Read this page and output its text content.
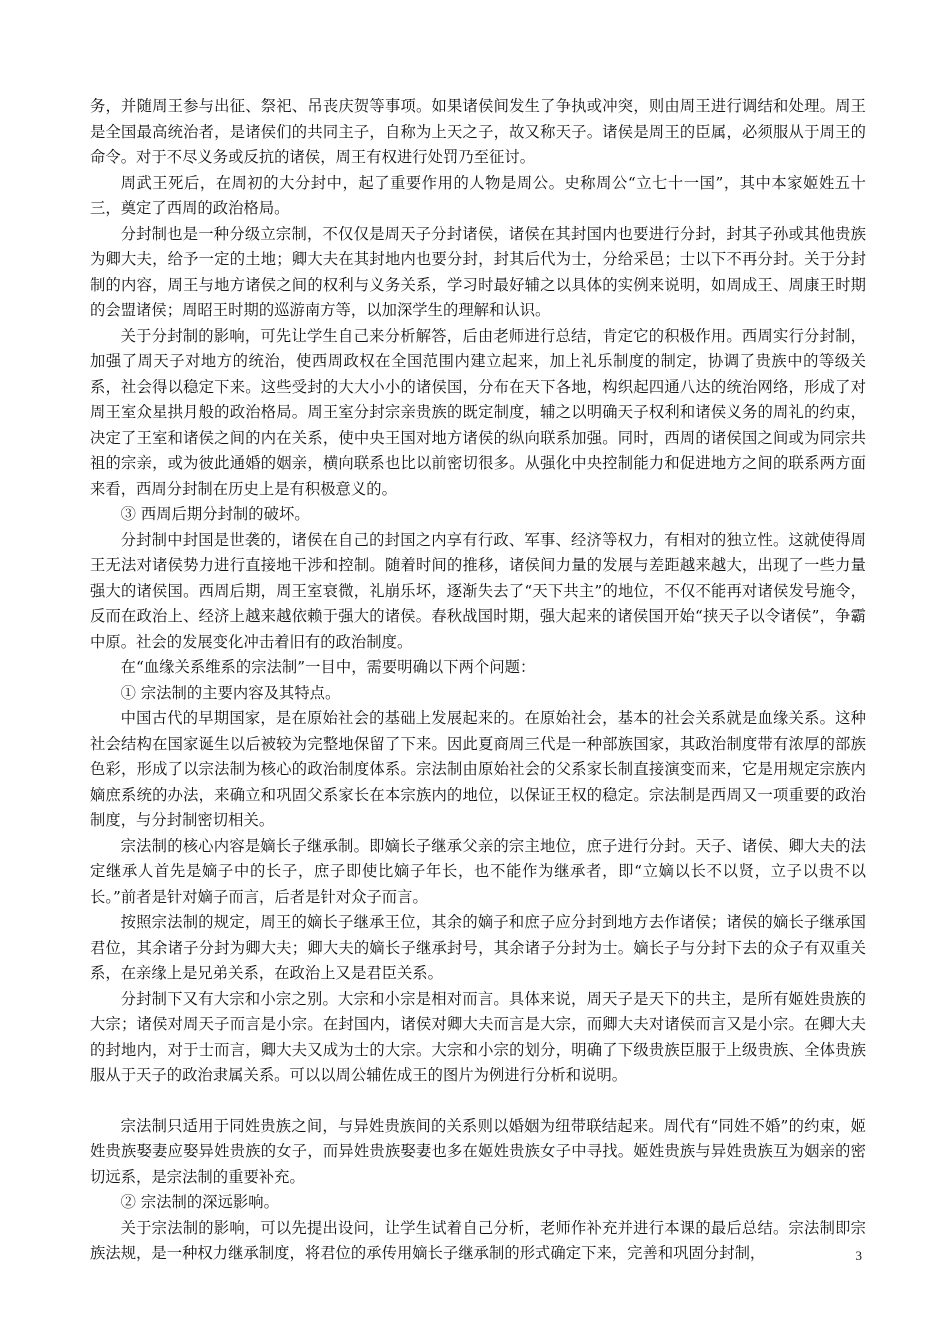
务，并随周王参与出征、祭祀、吊丧庆贺等事项。如果诸侯间发生了争执或冲突，则由周王进行调结和处理。周王是全国最高统治者，是诸侯们的共同主子，自称为上天之子，故又称天子。诸侯是周王的臣属，必须服从于周王的命令。对于不尽义务或反抗的诸侯，周王有权进行处罚乃至征讨。

周武王死后，在周初的大分封中，起了重要作用的人物是周公。史称周公“立七十一国”，其中本家姬姓五十三，奠定了西周的政治格局。

分封制也是一种分级立宗制，不仅仅是周天子分封诸侯，诸侯在其封国内也要进行分封，封其子孙或其他贵族为卿大夫，给予一定的土地；卿大夫在其封地内也要分封，封其后代为士，分给采邑；士以下不再分封。关于分封制的内容，周王与地方诸侯之间的权利与义务关系，学习时最好辅之以具体的实例来说明，如周成王、周康王时期的会盟诸侯；周昭王时期的巡游南方等，以加深学生的理解和认识。

关于分封制的影响，可先让学生自己来分析解答，后由老师进行总结，肯定它的积极作用。西周实行分封制，加强了周天子对地方的统治，使西周政权在全国范围内建立起来，加上礼乐制度的制定，协调了贵族中的等级关系，社会得以稳定下来。这些受封的大大小小的诸侯国，分布在天下各地，构织起四通八达的统治网络，形成了对周王室众星拱月般的政治格局。周王室分封宗亲贵族的既定制度，辅之以明确天子权利和诸侯义务的周礼的约束，决定了王室和诸侯之间的内在关系，使中央王国对地方诸侯的纵向联系加强。同时，西周的诸侯国之间或为同宗共祖的宗亲，或为彼此通婚的姻亲，横向联系也比以前密切很多。从强化中央控制能力和促进地方之间的联系两方面来看，西周分封制在历史上是有积极意义的。

③ 西周后期分封制的破坏。

分封制中封国是世袭的，诸侯在自己的封国之内享有行政、军事、经济等权力，有相对的独立性。这就使得周王无法对诸侯势力进行直接地干涉和控制。随着时间的推移，诸侯间力量的发展与差距越来越大，出现了一些力量强大的诸侯国。西周后期，周王室衰微，礼崩乐坏，逐渐失去了“天下共主”的地位，不仅不能再对诸侯发号施令，反而在政治上、经济上越来越依赖于强大的诸侯。春秋战国时期，强大起来的诸侯国开始“挟天子以令诸侯”，争霸中原。社会的发展变化冲击着旧有的政治制度。

在“血缘关系维系的宗法制”一目中，需要明确以下两个问题：

① 宗法制的主要内容及其特点。

中国古代的早期国家，是在原始社会的基础上发展起来的。在原始社会，基本的社会关系就是血缘关系。这种社会结构在国家诞生以后被较为完整地保留了下来。因此夏商周三代是一种部族国家，其政治制度带有浓厚的部族色彩，形成了以宗法制为核心的政治制度体系。宗法制由原始社会的父系家长制直接演变而来，它是用规定宗族内嫡庶系统的办法，来确立和巩固父系家长在本宗族内的地位，以保证王权的稳定。宗法制是西周又一项重要的政治制度，与分封制密切相关。

宗法制的核心内容是嫡长子继承制。即嫡长子继承父亲的宗主地位，庶子进行分封。天子、诸侯、卿大夫的法定继承人首先是嫡子中的长子，庶子即使比嫡子年长，也不能作为继承者，即“立嫡以长不以贤，立子以贵不以长。”前者是针对嫡子而言，后者是针对众子而言。

按照宗法制的规定，周王的嫡长子继承王位，其余的嫡子和庶子应分封到地方去作诸侯；诸侯的嫡长子继承国君位，其余诸子分封为卿大夫；卿大夫的嫡长子继承封号，其余诸子分封为士。嫡长子与分封下去的众子有双重关系，在亲缘上是兄弟关系，在政治上又是君臣关系。

分封制下又有大宗和小宗之别。大宗和小宗是相对而言。具体来说，周天子是天下的共主，是所有姬姓贵族的大宗；诸侯对周天子而言是小宗。在封国内，诸侯对卿大夫而言是大宗，而卿大夫对诸侯而言又是小宗。在卿大夫的封地内，对于士而言，卿大夫又成为士的大宗。大宗和小宗的划分，明确了下级贵族臣服于上级贵族、全体贵族服从于天子的政治隶属关系。可以以周公辅佐成王的图片为例进行分析和说明。

宗法制只适用于同姓贵族之间，与异姓贵族间的关系则以婚姻为纽带联结起来。周代有“同姓不婚”的约束，姬姓贵族娶妻应娶异姓贵族的女子，而异姓贵族娶妻也多在姬姓贵族女子中寻找。姬姓贵族与异姓贵族互为姻亲的密切远系，是宗法制的重要补充。

② 宗法制的深远影响。

关于宗法制的影响，可以先提出设问，让学生试着自己分析，老师作补充并进行本课的最后总结。宗法制即宗族法规，是一种权力继承制度，将君位的承传用嫡长子继承制的形式确定下来，完善和巩固分封制，	3
